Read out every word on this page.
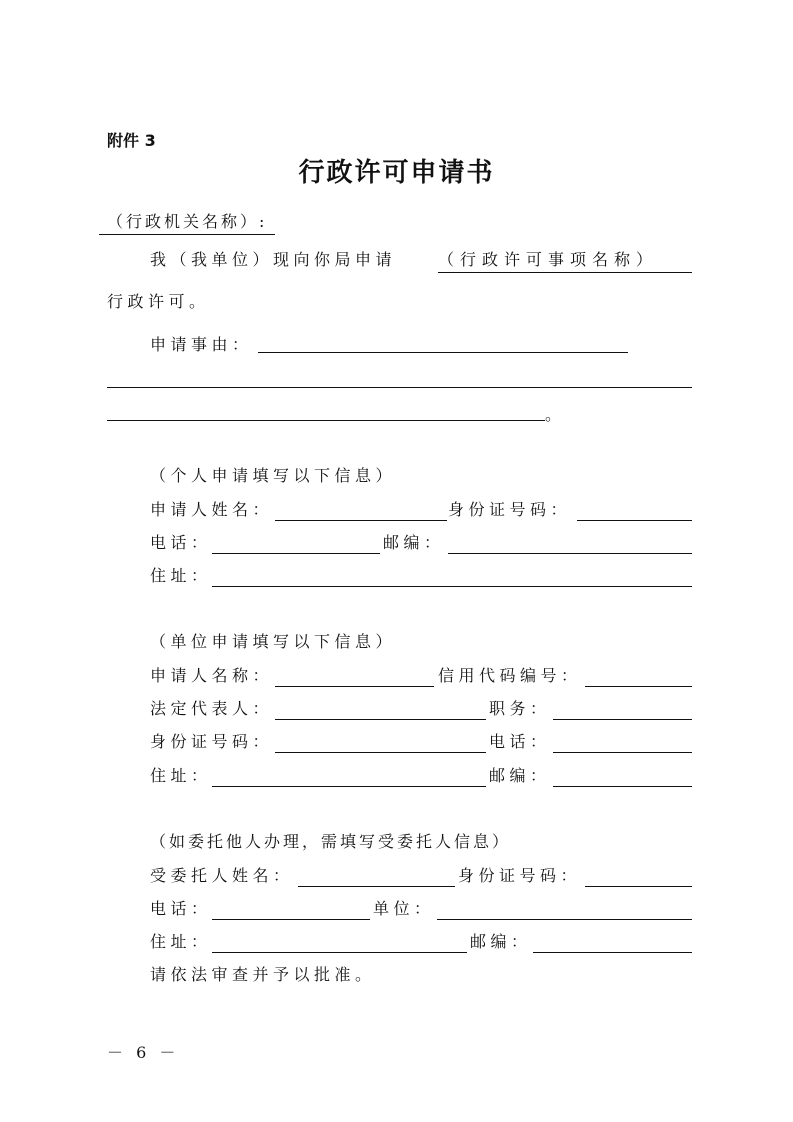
附件 3
行政许可申请书
（行政机关名称）:
我（我单位）现向你局申请	（行政许可事项名称）
行政许可。
申请事由：
。
（个人申请填写以下信息）
申请人姓名：	身份证号码：
电话：	邮编：
住址：
（单位申请填写以下信息）
申请人名称：	信用代码编号：
法定代表人：	职务：
身份证号码：	电话：
住址：	邮编：
（如委托他人办理，需填写受委托人信息）
受委托人姓名：	身份证号码：
电话：	单位：
住址：	邮编：
请依法审查并予以批准。
－ 6 －
